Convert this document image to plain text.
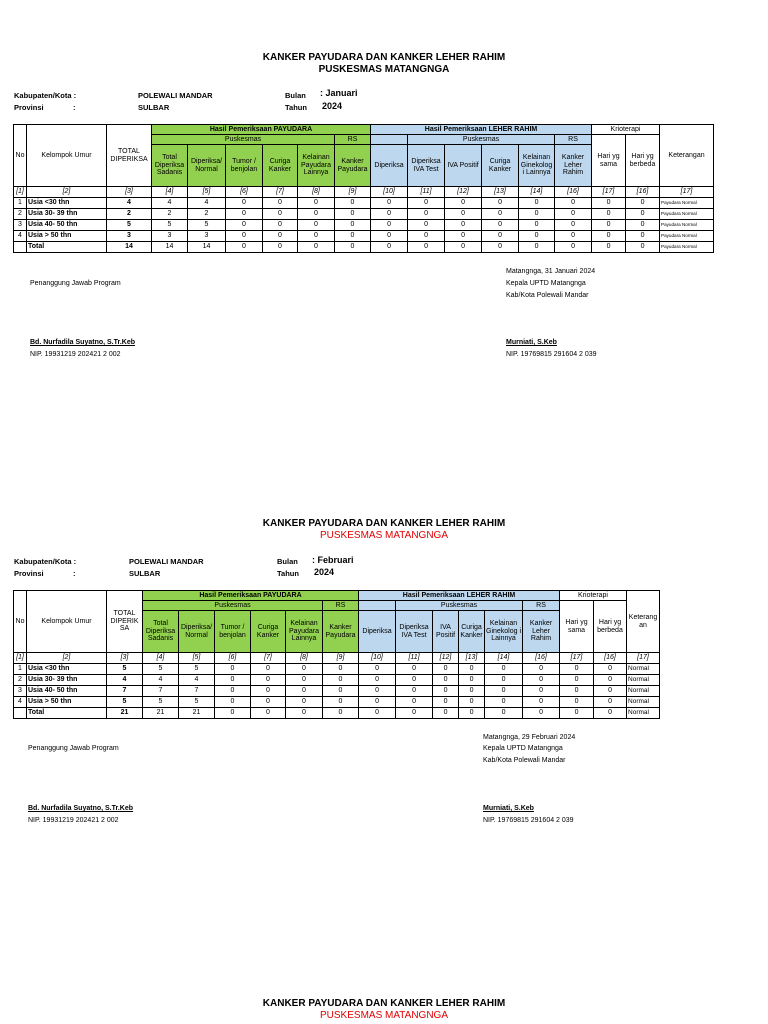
KANKER PAYUDARA DAN KANKER LEHER RAHIM
PUSKESMAS MATANGNGA
Kabupaten/Kota :
Provinsi	:
POLEWALI MANDAR
SULBAR
Bulan
Tahun
: Januari
2024
No	Kelompok Umur	TOTAL DIPERIKSA	Hasil Pemeriksaan PAYUDARA						Hasil Pemeriksaan LEHER RAHIM						Krioterapi		Keterangan
			Puskesmas					RS		Puskesmas				RS	Hari yg sama	Hari yg berbeda	
			Total Diperiksa Sadanis	Diperiksa/ Normal	Tumor / benjolan	Curiga Kanker	Kelainan Payudara Lainnya	Kanker Payudara	Diperiksa	Diperiksa IVA Test	IVA Positif	Curiga Kanker	Kelainan Ginekolog i Lainnya	Kanker Leher Rahim			
[1]	[2]	[3]	[4]	[5]	[6]	[7]	[8]	[9]	[10]	[11]	[12]	[13]	[14]	[16]	[17]	[16]	[17]
1	Usia <30 thn	4	4	4	0	0	0	0	0	0	0	0	0	0	0	0	Payudara Normal
2	Usia 30- 39 thn	2	2	2	0	0	0	0	0	0	0	0	0	0	0	0	Payudara Normal
3	Usia 40- 50 thn	5	5	5	0	0	0	0	0	0	0	0	0	0	0	0	Payudara Normal
4	Usia > 50 thn	3	3	3	0	0	0	0	0	0	0	0	0	0	0	0	Payudara Normal
	Total	14	14	14	0	0	0	0	0	0	0	0	0	0	0	0	Payudara Normal
Penanggung Jawab Program
Matangnga, 31 Januari 2024
Kepala UPTD Matangnga
Kab/Kota Polewali Mandar
Bd. Nurfadila Suyatno, S.Tr.Keb
NIP. 19931219 202421 2 002
Murniati, S.Keb
NIP. 19769815 291604 2 039
KANKER PAYUDARA DAN KANKER LEHER RAHIM
PUSKESMAS MATANGNGA
Kabupaten/Kota :
Provinsi	:
POLEWALI MANDAR
SULBAR
Bulan
Tahun
: Februari
2024
No	Kelompok Umur	TOTAL DIPERIK SA	Hasil Pemeriksaan PAYUDARA						Hasil Pemeriksaan LEHER RAHIM						Krioterapi		Keterang an
			Puskesmas					RS		Puskesmas				RS	Hari yg sama	Hari yg berbeda	
			Total Diperiksa Sadanis	Diperiksa/ Normal	Tumor / benjolan	Curiga Kanker	Kelainan Payudara Lainnya	Kanker Payudara	Diperiksa	Diperiksa IVA Test	IVA Positif	Curiga Kanker	Kelainan Ginekolog i Lainnya	Kanker Leher Rahim			
[1]	[2]	[3]	[4]	[5]	[6]	[7]	[8]	[9]	[10]	[11]	[12]	[13]	[14]	[16]	[17]	[16]	[17]
1	Usia <30 thn	5	5	5	0	0	0	0	0	0	0	0	0	0	0	0	Normal
2	Usia 30- 39 thn	4	4	4	0	0	0	0	0	0	0	0	0	0	0	0	Normal
3	Usia 40- 50 thn	7	7	7	0	0	0	0	0	0	0	0	0	0	0	0	Normal
4	Usia > 50 thn	5	5	5	0	0	0	0	0	0	0	0	0	0	0	0	Normal
	Total	21	21	21	0	0	0	0	0	0	0	0	0	0	0	0	Normal
Penanggung Jawab Program
Matangnga, 29 Februari 2024
Kepala UPTD Matangnga
Kab/Kota Polewali Mandar
Bd. Nurfadila Suyatno, S.Tr.Keb
NIP. 19931219 202421 2 002
Murniati, S.Keb
NIP. 19769815 291604 2 039
KANKER PAYUDARA DAN KANKER LEHER RAHIM
PUSKESMAS MATANGNGA
